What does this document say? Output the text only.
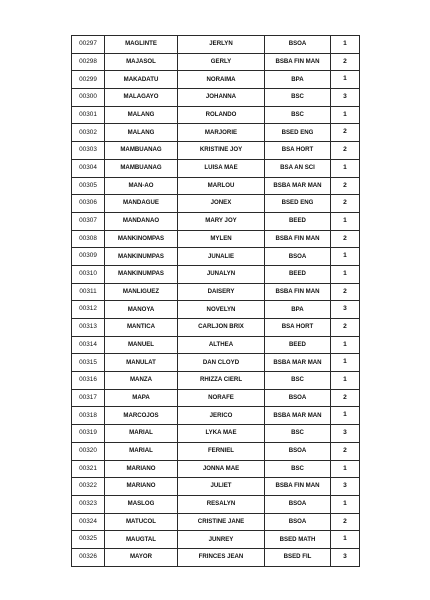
00297	MAGLINTE	JERLYN	BSOA	1
00298	MAJASOL	GERLY	BSBA FIN MAN	2
00299	MAKADATU	NORAIMA	BPA	1
00300	MALAGAYO	JOHANNA	BSC	3
00301	MALANG	ROLANDO	BSC	1
00302	MALANG	MARJORIE	BSED ENG	2
00303	MAMBUANAG	KRISTINE JOY	BSA HORT	2
00304	MAMBUANAG	LUISA MAE	BSA AN SCI	1
00305	MAN-AO	MARLOU	BSBA MAR MAN	2
00306	MANDAGUE	JONEX	BSED ENG	2
00307	MANDANAO	MARY JOY	BEED	1
00308	MANKINOMPAS	MYLEN	BSBA FIN MAN	2
00309	MANKINUMPAS	JUNALIE	BSOA	1
00310	MANKINUMPAS	JUNALYN	BEED	1
00311	MANLIGUEZ	DAISERY	BSBA FIN MAN	2
00312	MANOYA	NOVELYN	BPA	3
00313	MANTICA	CARLJON BRIX	BSA HORT	2
00314	MANUEL	ALTHEA	BEED	1
00315	MANULAT	DAN CLOYD	BSBA MAR MAN	1
00316	MANZA	RHIZZA CIERL	BSC	1
00317	MAPA	NORAFE	BSOA	2
00318	MARCOJOS	JERICO	BSBA MAR MAN	1
00319	MARIAL	LYKA MAE	BSC	3
00320	MARIAL	FERNIEL	BSOA	2
00321	MARIANO	JONNA MAE	BSC	1
00322	MARIANO	JULIET	BSBA FIN MAN	3
00323	MASLOG	RESALYN	BSOA	1
00324	MATUCOL	CRISTINE JANE	BSOA	2
00325	MAUGTAL	JUNREY	BSED MATH	1
00326	MAYOR	FRINCES JEAN	BSED FIL	3
